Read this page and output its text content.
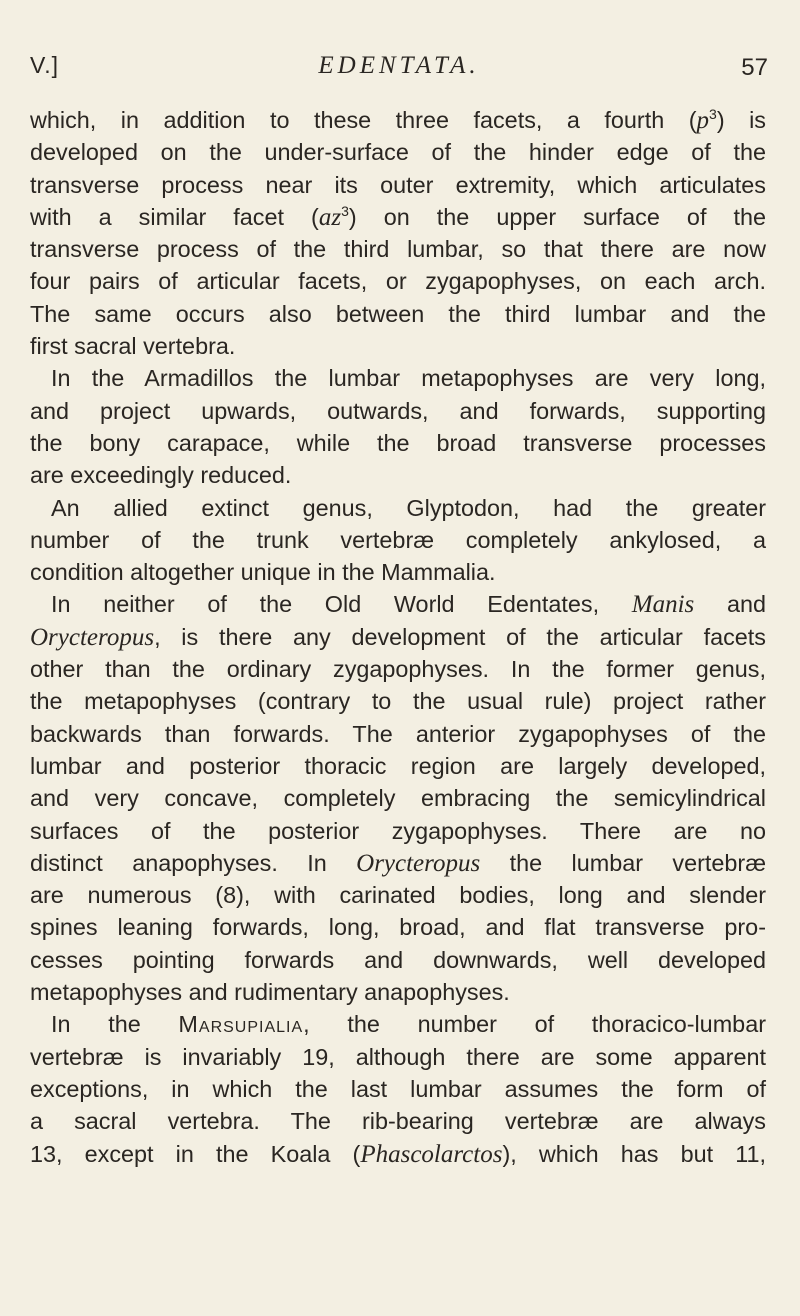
V.]	EDENTATA.	57
which, in addition to these three facets, a fourth $(p^3)$ is
developed on the under-surface of the hinder edge of the
transverse process near its outer extremity, which articulates
with a similar facet $(az^3)$ on the upper surface of the
transverse process of the third lumbar, so that there are now
four pairs of articular facets, or zygapophyses, on each arch.
The same occurs also between the third lumbar and the
first sacral vertebra.
In the Armadillos the lumbar metapophyses are very long,
and project upwards, outwards, and forwards, supporting
the bony carapace, while the broad transverse processes
are exceedingly reduced.
An allied extinct genus, Glyptodon, had the greater
number of the trunk vertebræ completely ankylosed, a
condition altogether unique in the Mammalia.
In neither of the Old World Edentates, Manis and
Orycteropus, is there any development of the articular facets
other than the ordinary zygapophyses. In the former genus,
the metapophyses (contrary to the usual rule) project rather
backwards than forwards. The anterior zygapophyses of the
lumbar and posterior thoracic region are largely developed,
and very concave, completely embracing the semicylindrical
surfaces of the posterior zygapophyses. There are no
distinct anapophyses. In Orycteropus the lumbar vertebræ
are numerous (8), with carinated bodies, long and slender
spines leaning forwards, long, broad, and flat transverse pro-
cesses pointing forwards and downwards, well developed
metapophyses and rudimentary anapophyses.
In the Marsupialia, the number of thoracico-lumbar
vertebræ is invariably 19, although there are some apparent
exceptions, in which the last lumbar assumes the form of
a sacral vertebra. The rib-bearing vertebræ are always
13, except in the Koala (Phascolarctos), which has but 11,
